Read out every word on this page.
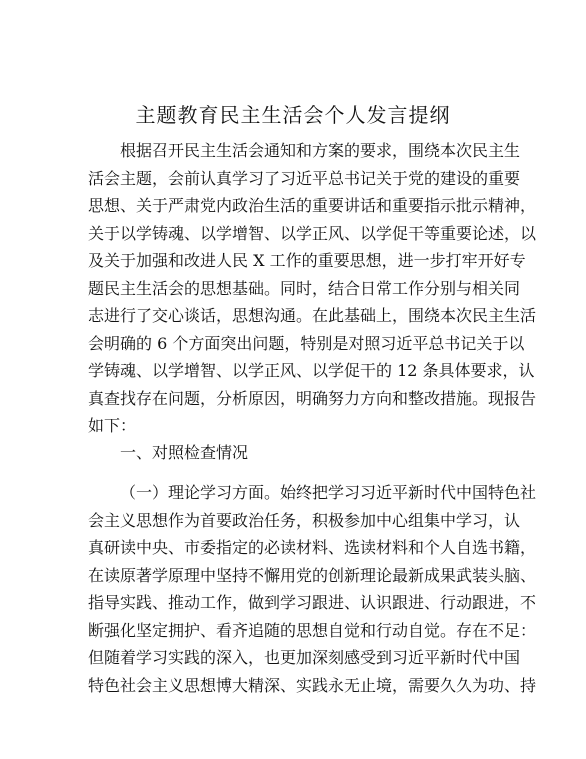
主题教育民主生活会个人发言提纲
根据召开民主生活会通知和方案的要求，围绕本次民主生
活会主题，会前认真学习了习近平总书记关于党的建设的重要
思想、关于严肃党内政治生活的重要讲话和重要指示批示精神，
关于以学铸魂、以学增智、以学正风、以学促干等重要论述，以
及关于加强和改进人民 X 工作的重要思想，进一步打牢开好专
题民主生活会的思想基础。同时，结合日常工作分别与相关同
志进行了交心谈话，思想沟通。在此基础上，围绕本次民主生活
会明确的 6 个方面突出问题，特别是对照习近平总书记关于以
学铸魂、以学增智、以学正风、以学促干的 12 条具体要求，认
真查找存在问题，分析原因，明确努力方向和整改措施。现报告
如下：

一、对照检查情况

（一）理论学习方面。始终把学习习近平新时代中国特色社
会主义思想作为首要政治任务，积极参加中心组集中学习，认
真研读中央、市委指定的必读材料、选读材料和个人自选书籍，
在读原著学原理中坚持不懈用党的创新理论最新成果武装头脑、
指导实践、推动工作，做到学习跟进、认识跟进、行动跟进，不
断强化坚定拥护、看齐追随的思想自觉和行动自觉。存在不足：
但随着学习实践的深入，也更加深刻感受到习近平新时代中国
特色社会主义思想博大精深、实践永无止境，需要久久为功、持
